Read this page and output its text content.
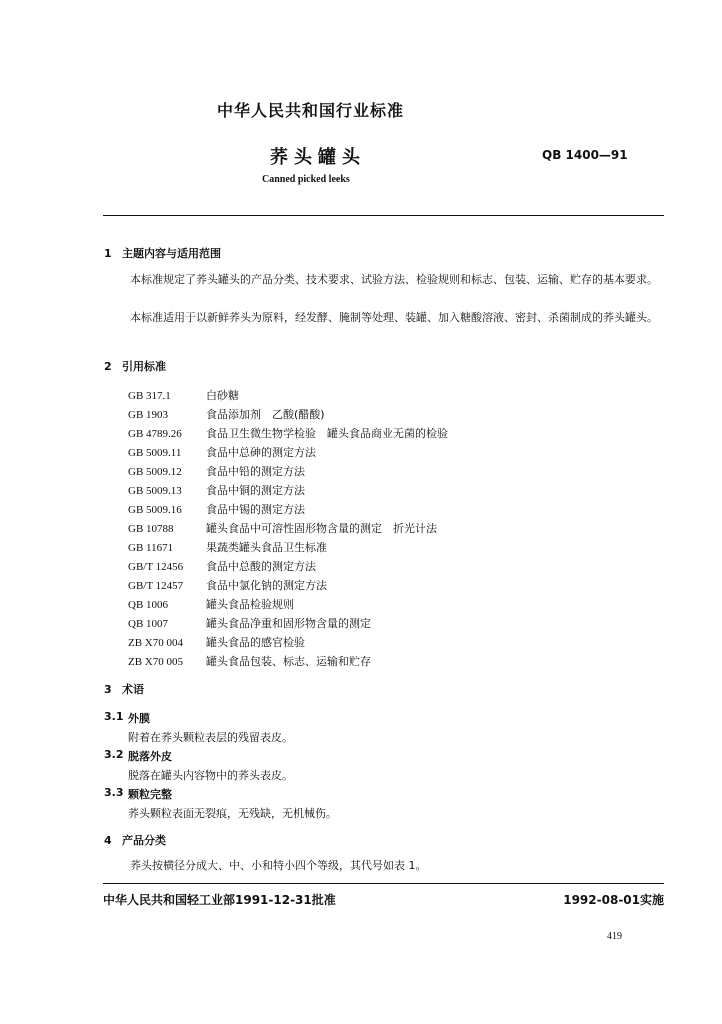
中华人民共和国行业标准
荞头罐头	QB 1400—91
Canned picked leeks
1 主题内容与适用范围
本标准规定了荞头罐头的产品分类、技术要求、试验方法、检验规则和标志、包装、运输、贮存的基本要求。
本标准适用于以新鲜荞头为原料，经发酵、腌制等处理、装罐、加入糖酸溶液、密封、杀菌制成的荞头罐头。
2 引用标准
GB 317.1	白砂糖
GB 1903	食品添加剂　乙酸(醋酸)
GB 4789.26 食品卫生微生物学检验　罐头食品商业无菌的检验
GB 5009.11 食品中总砷的测定方法
GB 5009.12 食品中铅的测定方法
GB 5009.13 食品中铜的测定方法
GB 5009.16 食品中锡的测定方法
GB 10788	罐头食品中可溶性固形物含量的测定　折光计法
GB 11671	果蔬类罐头食品卫生标准
GB/T 12456 食品中总酸的测定方法
GB/T 12457 食品中氯化钠的测定方法
QB 1006	罐头食品检验规则
QB 1007	罐头食品净重和固形物含量的测定
ZB X70 004 罐头食品的感官检验
ZB X70 005 罐头食品包装、标志、运输和贮存
3 术语
3.1 外膜
附着在荞头颗粒表层的残留表皮。
3.2 脱落外皮
脱落在罐头内容物中的荞头表皮。
3.3 颗粒完整
荞头颗粒表面无裂痕，无残缺，无机械伤。
4 产品分类
荞头按横径分成大、中、小和特小四个等级，其代号如表 1。
中华人民共和国轻工业部1991-12-31批准	1992-08-01实施
419
